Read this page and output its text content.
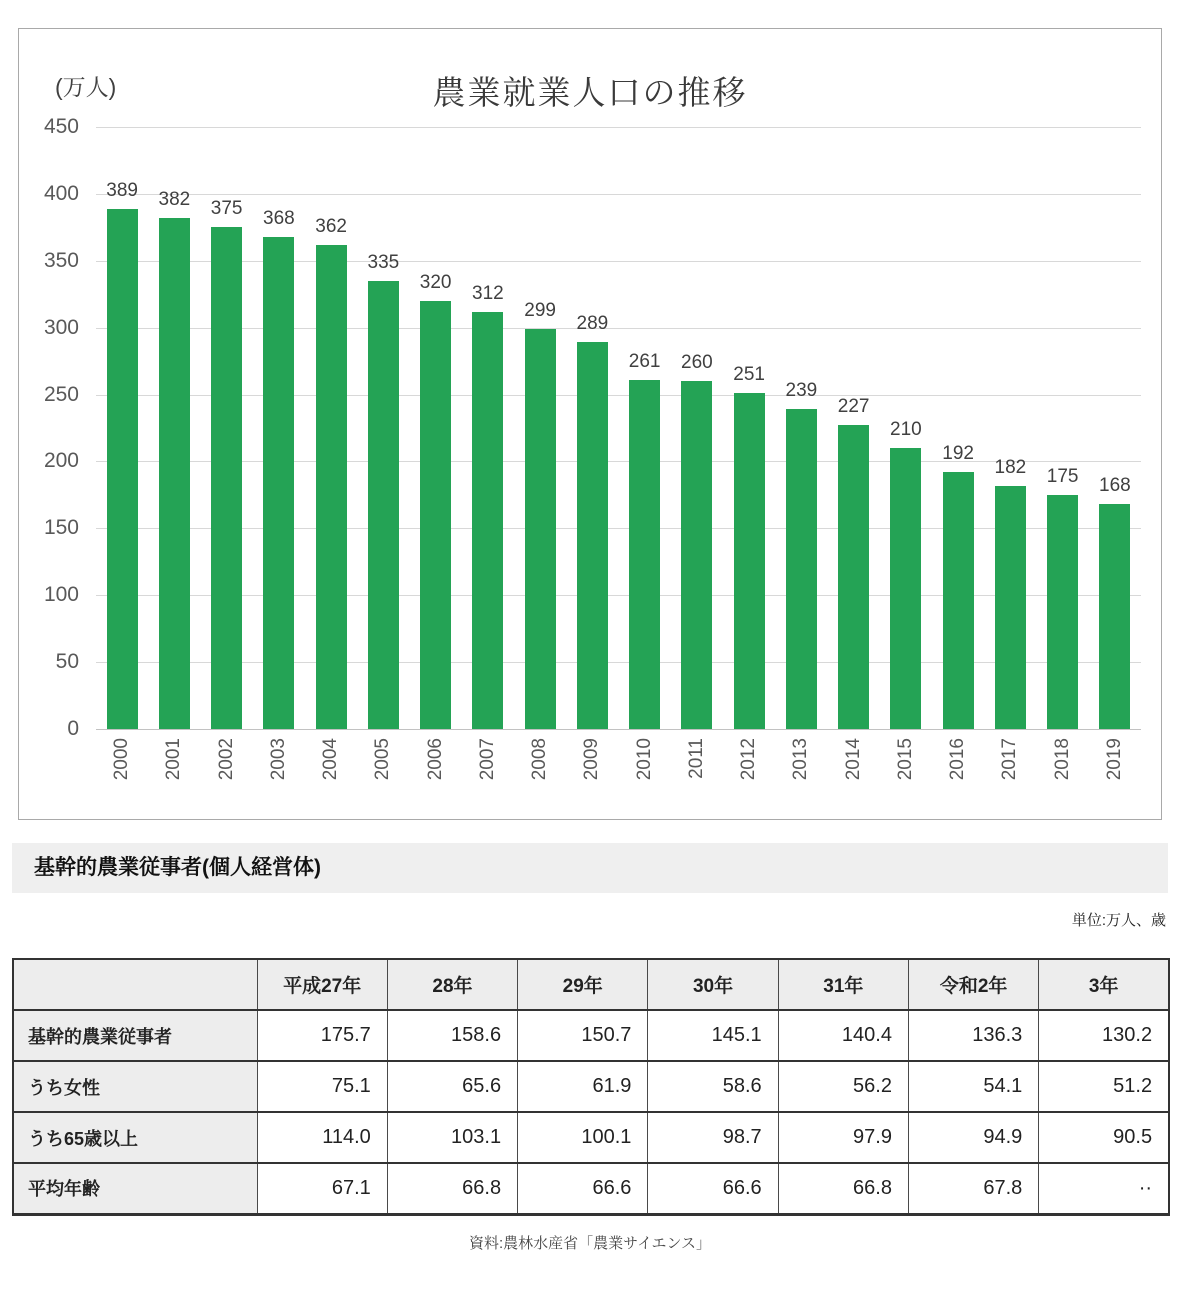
(万人)	農業就業人口の推移
0
50
100
150
200
250
300
350
400
450
389
2000
382
2001
375
2002
368
2003
362
2004
335
2005
320
2006
312
2007
299
2008
289
2009
261
2010
260
2011
251
2012
239
2013
227
2014
210
2015
192
2016
182
2017
175
2018
168
2019
基幹的農業従事者(個人経営体)
単位:万人、歳
	平成27年	28年	29年	30年	31年	令和2年	3年
基幹的農業従事者	175.7	158.6	150.7	145.1	140.4	136.3	130.2
うち女性	75.1	65.6	61.9	58.6	56.2	54.1	51.2
うち65歳以上	114.0	103.1	100.1	98.7	97.9	94.9	90.5
平均年齢	67.1	66.8	66.6	66.6	66.8	67.8	··
資料:農林水産省「農業サイエンス」
